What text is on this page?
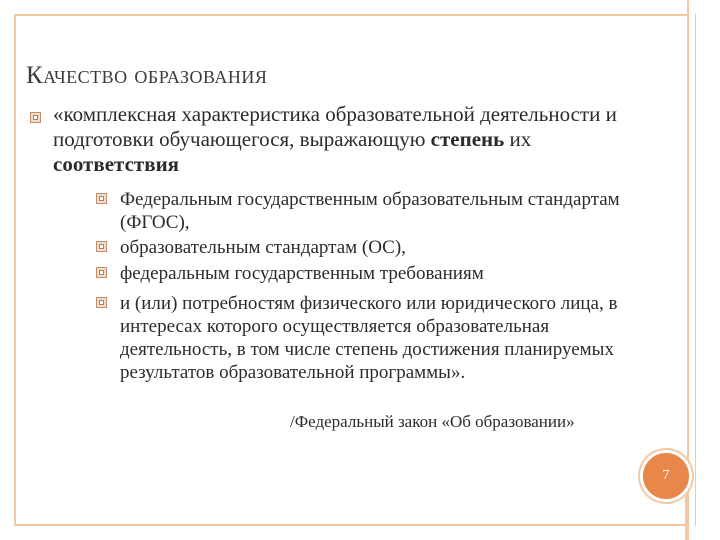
Качество образования
«комплексная характеристика образовательной деятельности и подготовки обучающегося, выражающую степень их соответствия
Федеральным государственным образовательным стандартам (ФГОС),
образовательным стандартам (ОС),
федеральным государственным требованиям
и (или) потребностям физического или юридического лица, в интересах которого осуществляется образовательная деятельность, в том числе степень достижения планируемых результатов образовательной программы».
/Федеральный закон «Об образовании»
7
